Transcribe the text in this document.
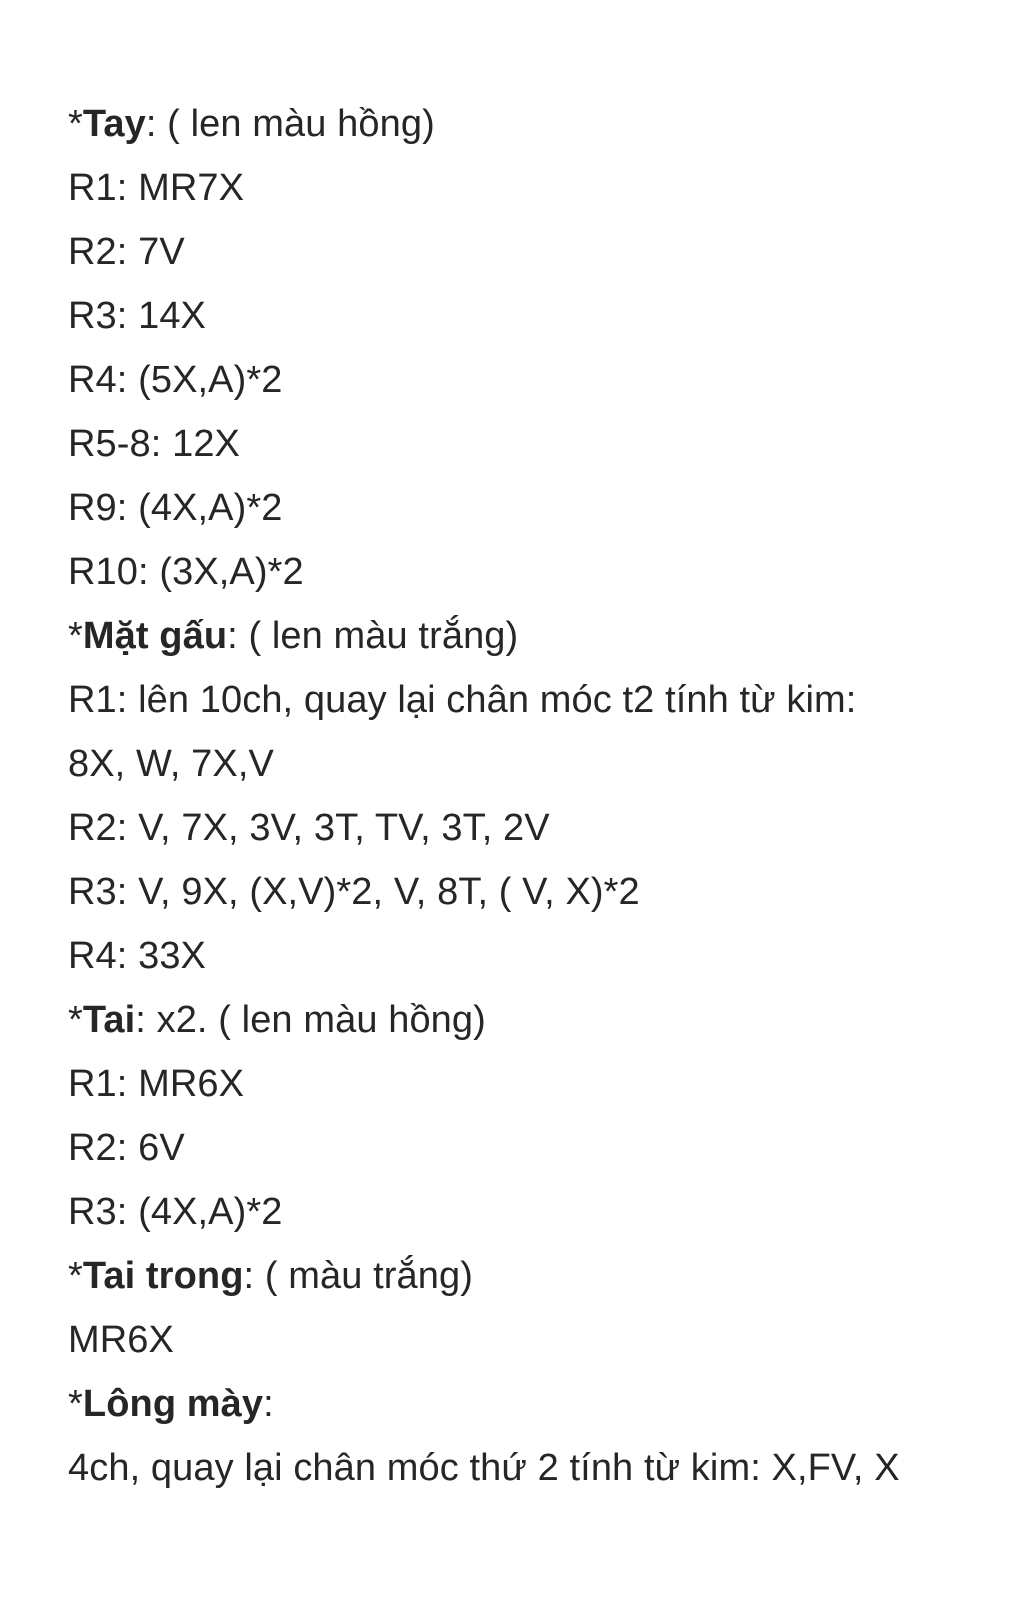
*Tay: ( len màu hồng)
R1: MR7X
R2: 7V
R3: 14X
R4: (5X,A)*2
R5-8: 12X
R9: (4X,A)*2
R10: (3X,A)*2
*Mặt gấu: ( len màu trắng)
R1: lên 10ch, quay lại chân móc t2 tính từ kim:
8X, W, 7X,V
R2: V, 7X, 3V, 3T, TV, 3T, 2V
R3: V, 9X, (X,V)*2, V, 8T, ( V, X)*2
R4: 33X
*Tai: x2. ( len màu hồng)
R1: MR6X
R2: 6V
R3: (4X,A)*2
*Tai trong: ( màu trắng)
MR6X
*Lông mày:
4ch, quay lại chân móc thứ 2 tính từ kim: X,FV, X
